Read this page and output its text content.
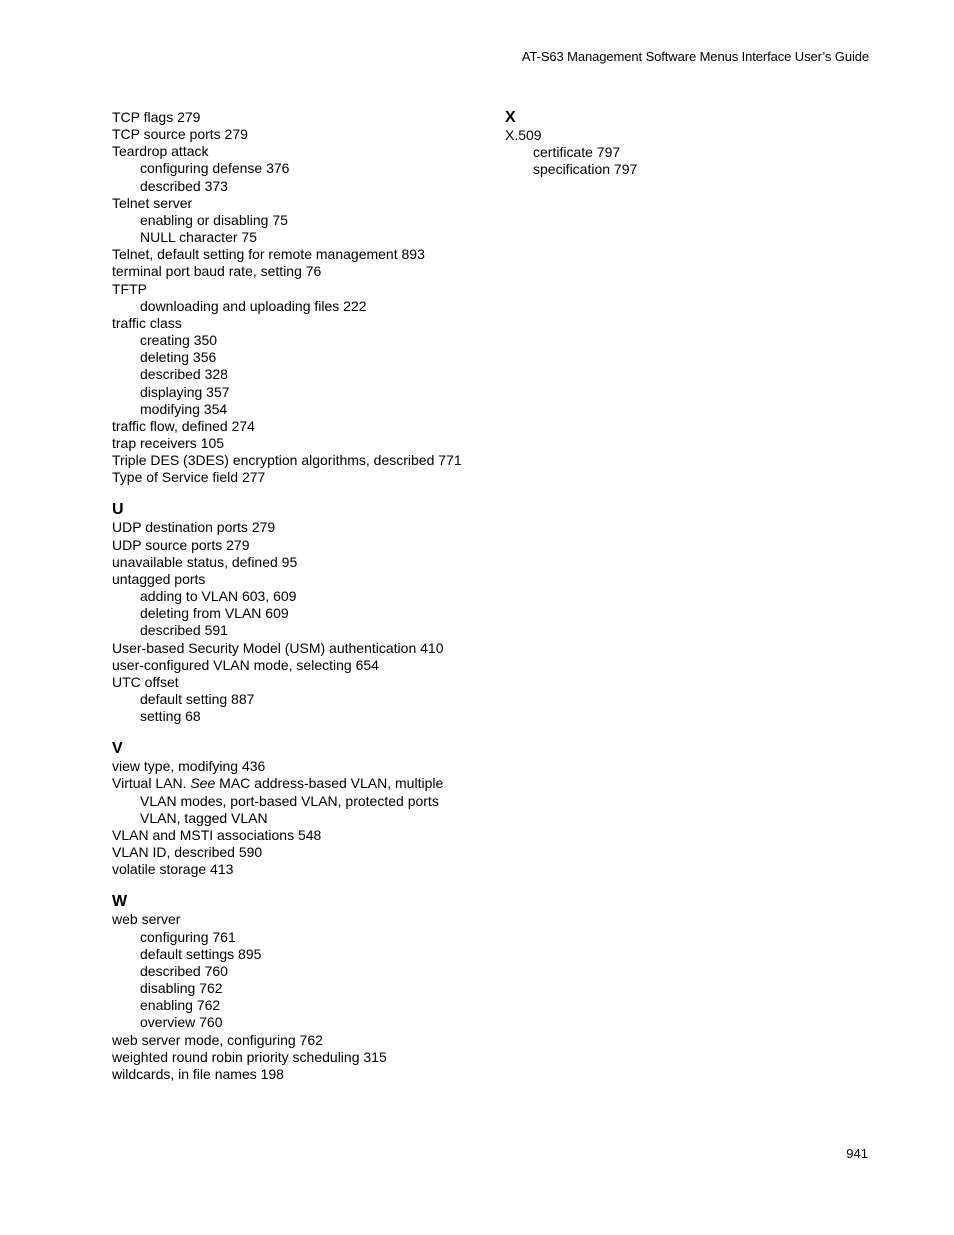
AT-S63 Management Software Menus Interface User’s Guide
TCP flags 279
TCP source ports 279
Teardrop attack
configuring defense 376
described 373
Telnet server
enabling or disabling 75
NULL character 75
Telnet, default setting for remote management 893
terminal port baud rate, setting 76
TFTP
downloading and uploading files 222
traffic class
creating 350
deleting 356
described 328
displaying 357
modifying 354
traffic flow, defined 274
trap receivers 105
Triple DES (3DES) encryption algorithms, described 771
Type of Service field 277
U
UDP destination ports 279
UDP source ports 279
unavailable status, defined 95
untagged ports
adding to VLAN 603, 609
deleting from VLAN 609
described 591
User-based Security Model (USM) authentication 410
user-configured VLAN mode, selecting 654
UTC offset
default setting 887
setting 68
V
view type, modifying 436
Virtual LAN. See MAC address-based VLAN, multiple
VLAN modes, port-based VLAN, protected ports
VLAN, tagged VLAN
VLAN and MSTI associations 548
VLAN ID, described 590
volatile storage 413
W
web server
configuring 761
default settings 895
described 760
disabling 762
enabling 762
overview 760
web server mode, configuring 762
weighted round robin priority scheduling 315
wildcards, in file names 198
X
X.509
certificate 797
specification 797
941
